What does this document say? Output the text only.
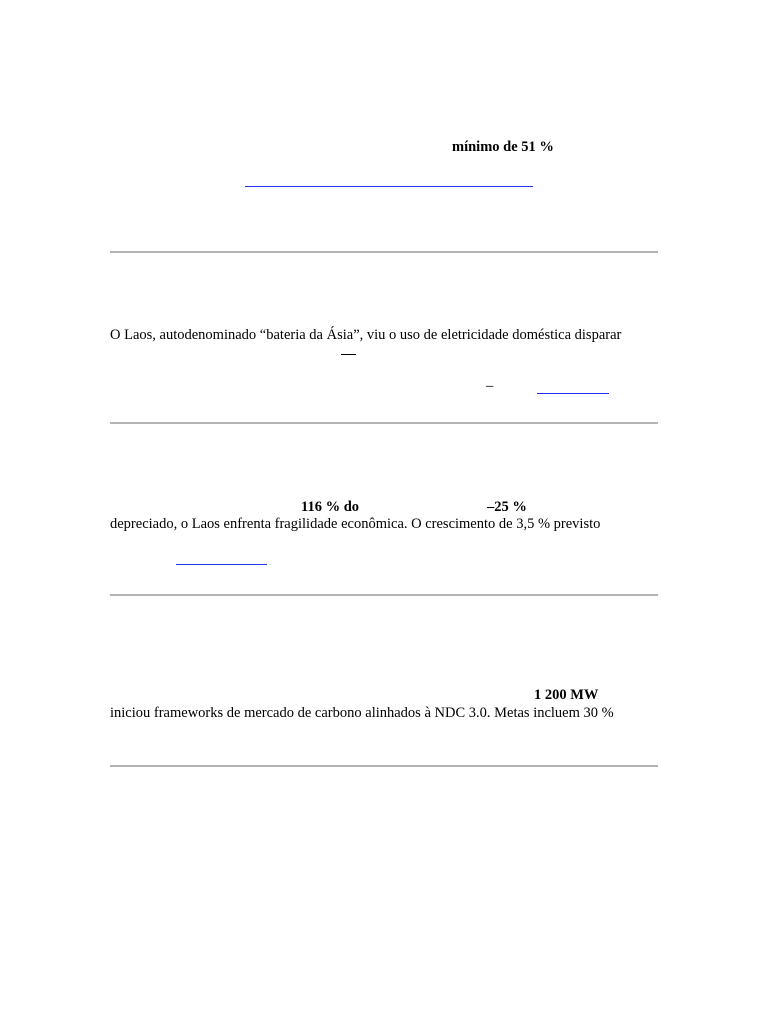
mínimo de 51 %
O Laos, autodenominado “bateria da Ásia”, viu o uso de eletricidade doméstica disparar
–
116 % do	–25 %
depreciado, o Laos enfrenta fragilidade econômica. O crescimento de 3,5 % previsto
1 200 MW
iniciou frameworks de mercado de carbono alinhados à NDC 3.0. Metas incluem 30 %
